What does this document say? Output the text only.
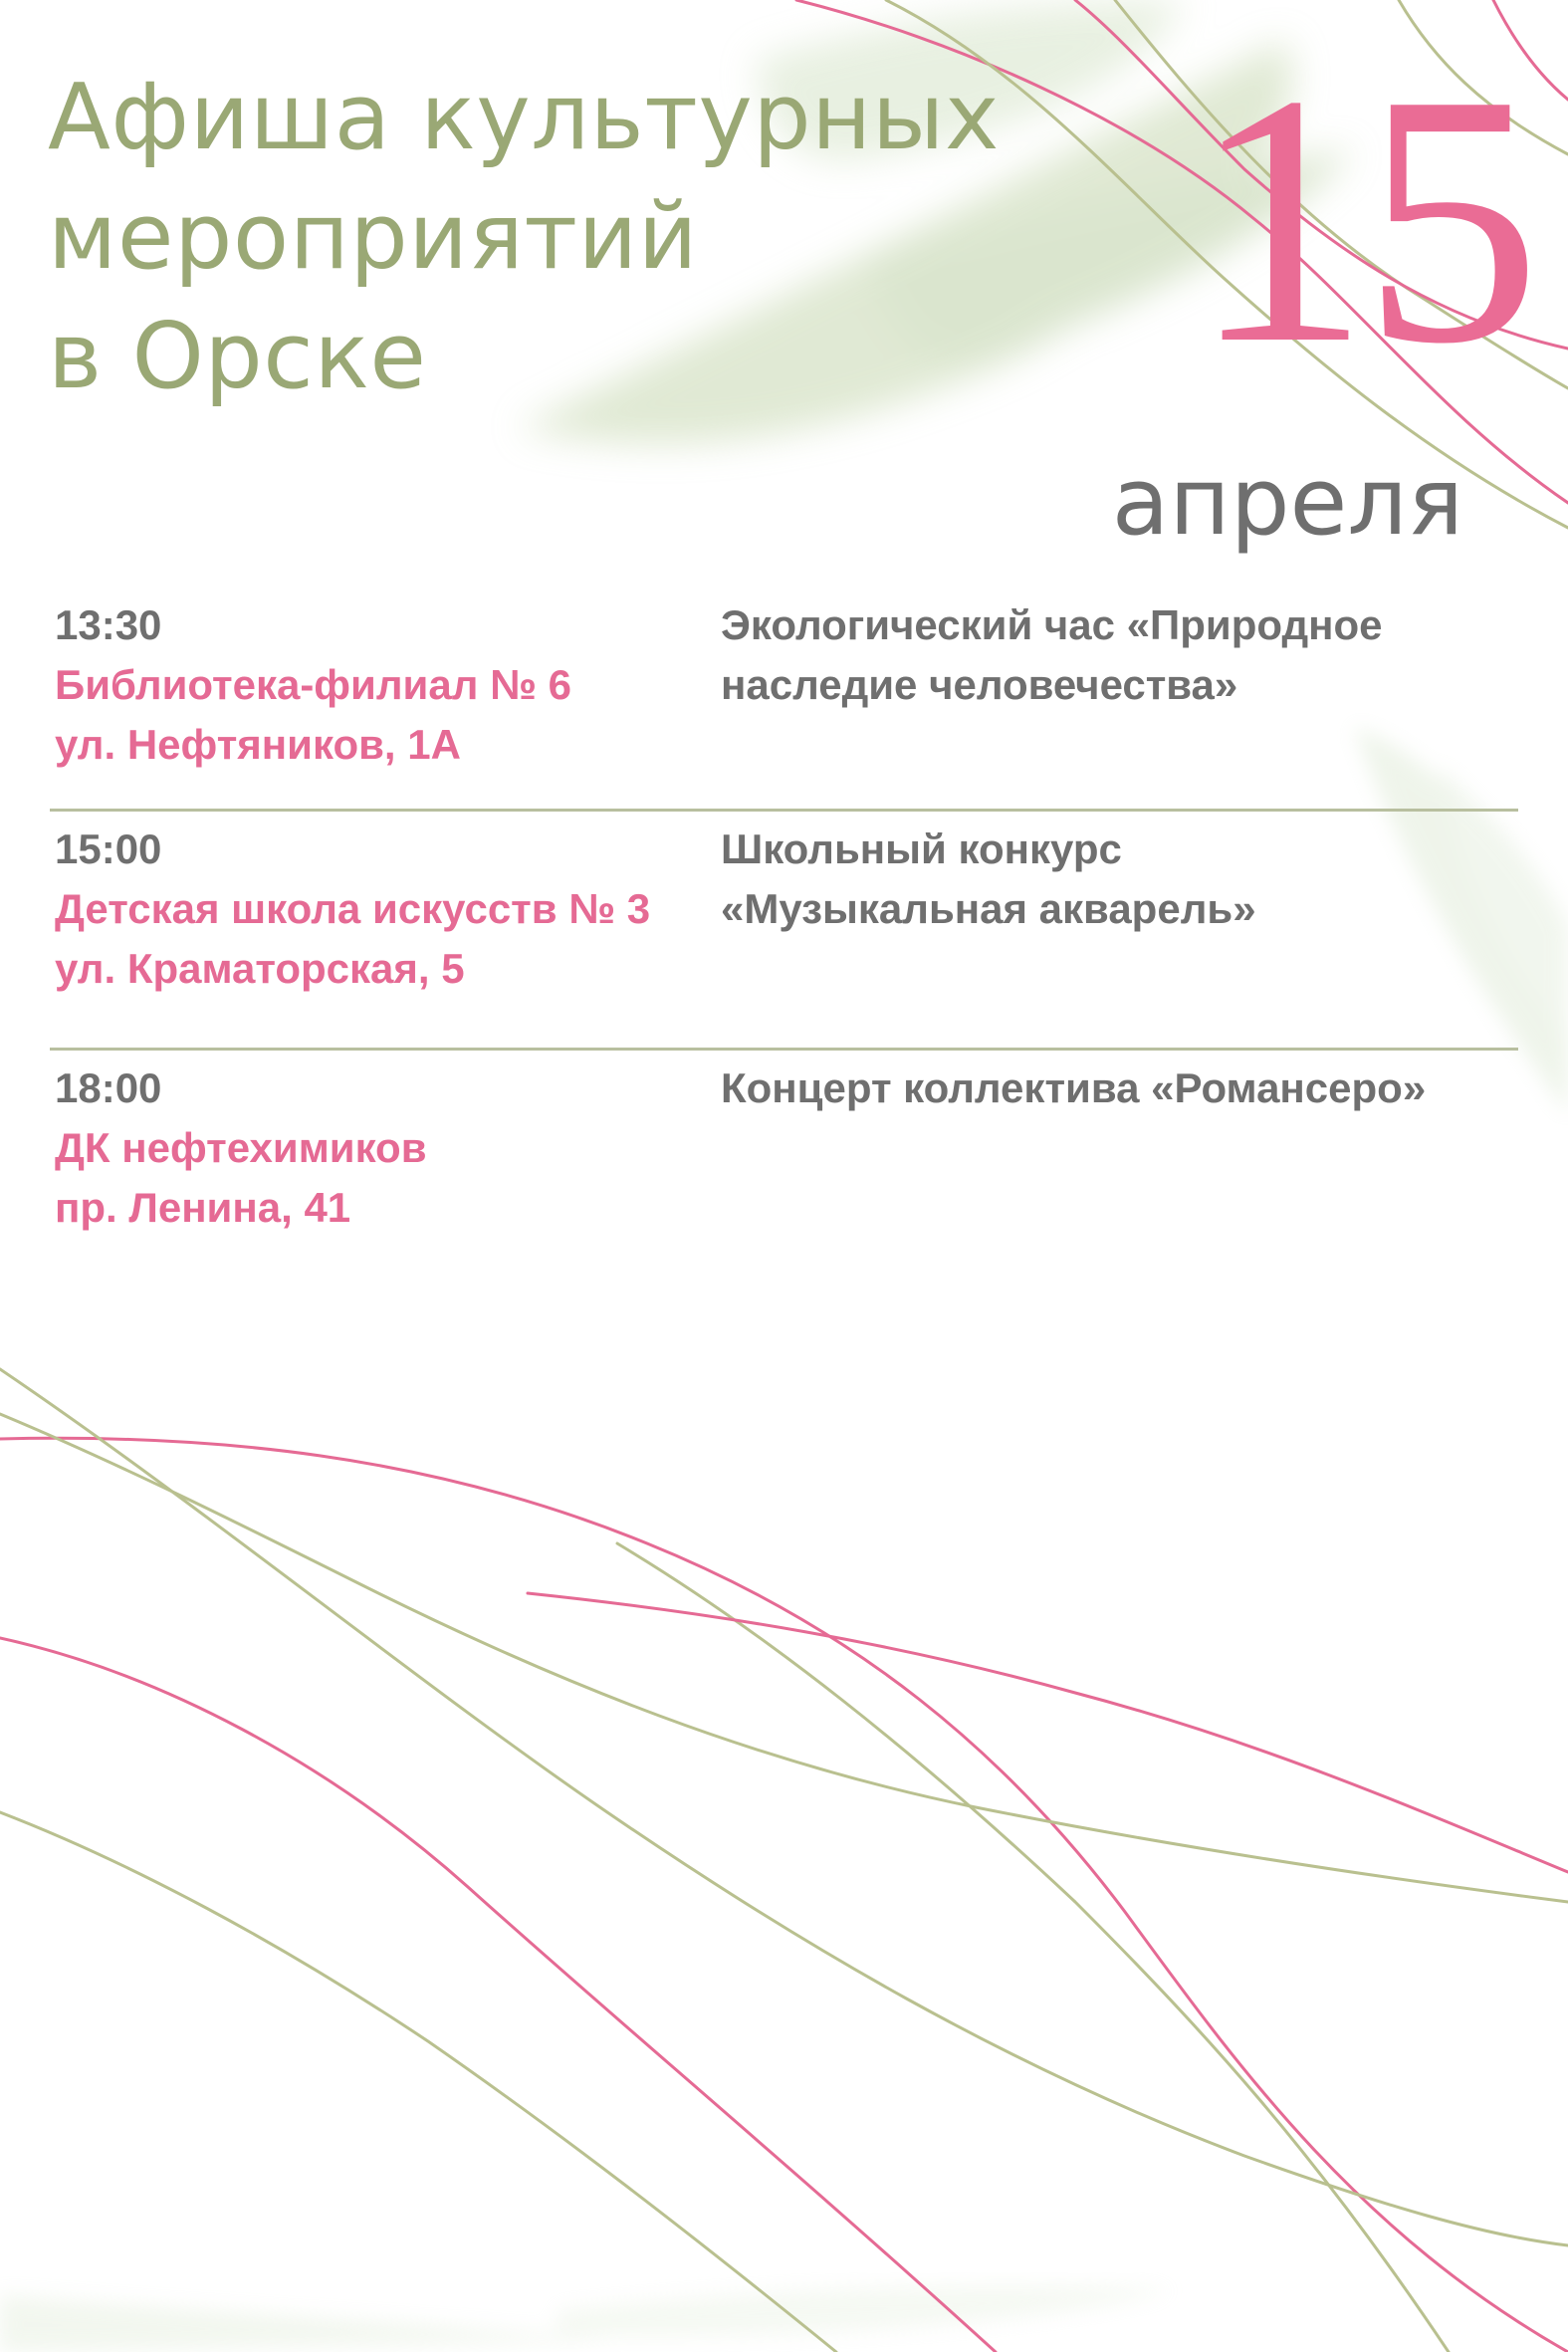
Афиша культурных
мероприятий
в Орске	15
апреля
13:30
Библиотека-филиал № 6
ул. Нефтяников, 1А
Экологический час «Природное
наследие человечества»
15:00
Детская школа искусств № 3
ул. Краматорская, 5
Школьный конкурс
«Музыкальная акварель»
18:00
ДК нефтехимиков
пр. Ленина, 41
Концерт коллектива «Романсеро»
